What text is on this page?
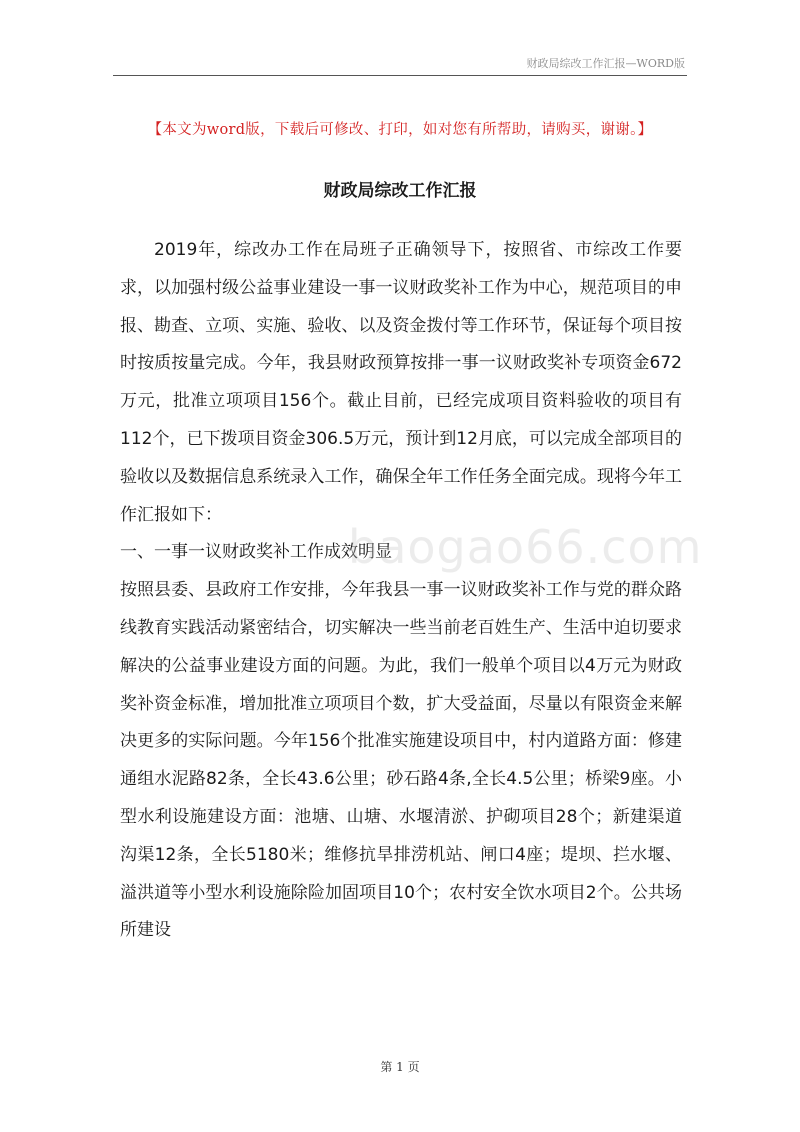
财政局综改工作汇报—WORD版
【本文为word版，下载后可修改、打印，如对您有所帮助，请购买，谢谢。】
财政局综改工作汇报

2019年，综改办工作在局班子正确领导下，按照省、市综改工作要求，以加强村级公益事业建设一事一议财政奖补工作为中心，规范项目的申报、勘查、立项、实施、验收、以及资金拨付等工作环节，保证每个项目按时按质按量完成。今年，我县财政预算按排一事一议财政奖补专项资金672万元，批准立项项目156个。截止目前，已经完成项目资料验收的项目有112个，已下拨项目资金306.5万元，预计到12月底，可以完成全部项目的验收以及数据信息系统录入工作，确保全年工作任务全面完成。现将今年工作汇报如下：

一、一事一议财政奖补工作成效明显

按照县委、县政府工作安排，今年我县一事一议财政奖补工作与党的群众路线教育实践活动紧密结合，切实解决一些当前老百姓生产、生活中迫切要求解决的公益事业建设方面的问题。为此，我们一般单个项目以4万元为财政奖补资金标准，增加批准立项项目个数，扩大受益面，尽量以有限资金来解决更多的实际问题。今年156个批准实施建设项目中，村内道路方面：修建通组水泥路82条，全长43.6公里；砂石路4条,全长4.5公里；桥梁9座。小型水利设施建设方面：池塘、山塘、水堰清淤、护砌项目28个；新建渠道沟渠12条，全长5180米；维修抗旱排涝机站、闸口4座；堤坝、拦水堰、溢洪道等小型水利设施除险加固项目10个；农村安全饮水项目2个。公共场所建设

baogao66.com
第 1 页
